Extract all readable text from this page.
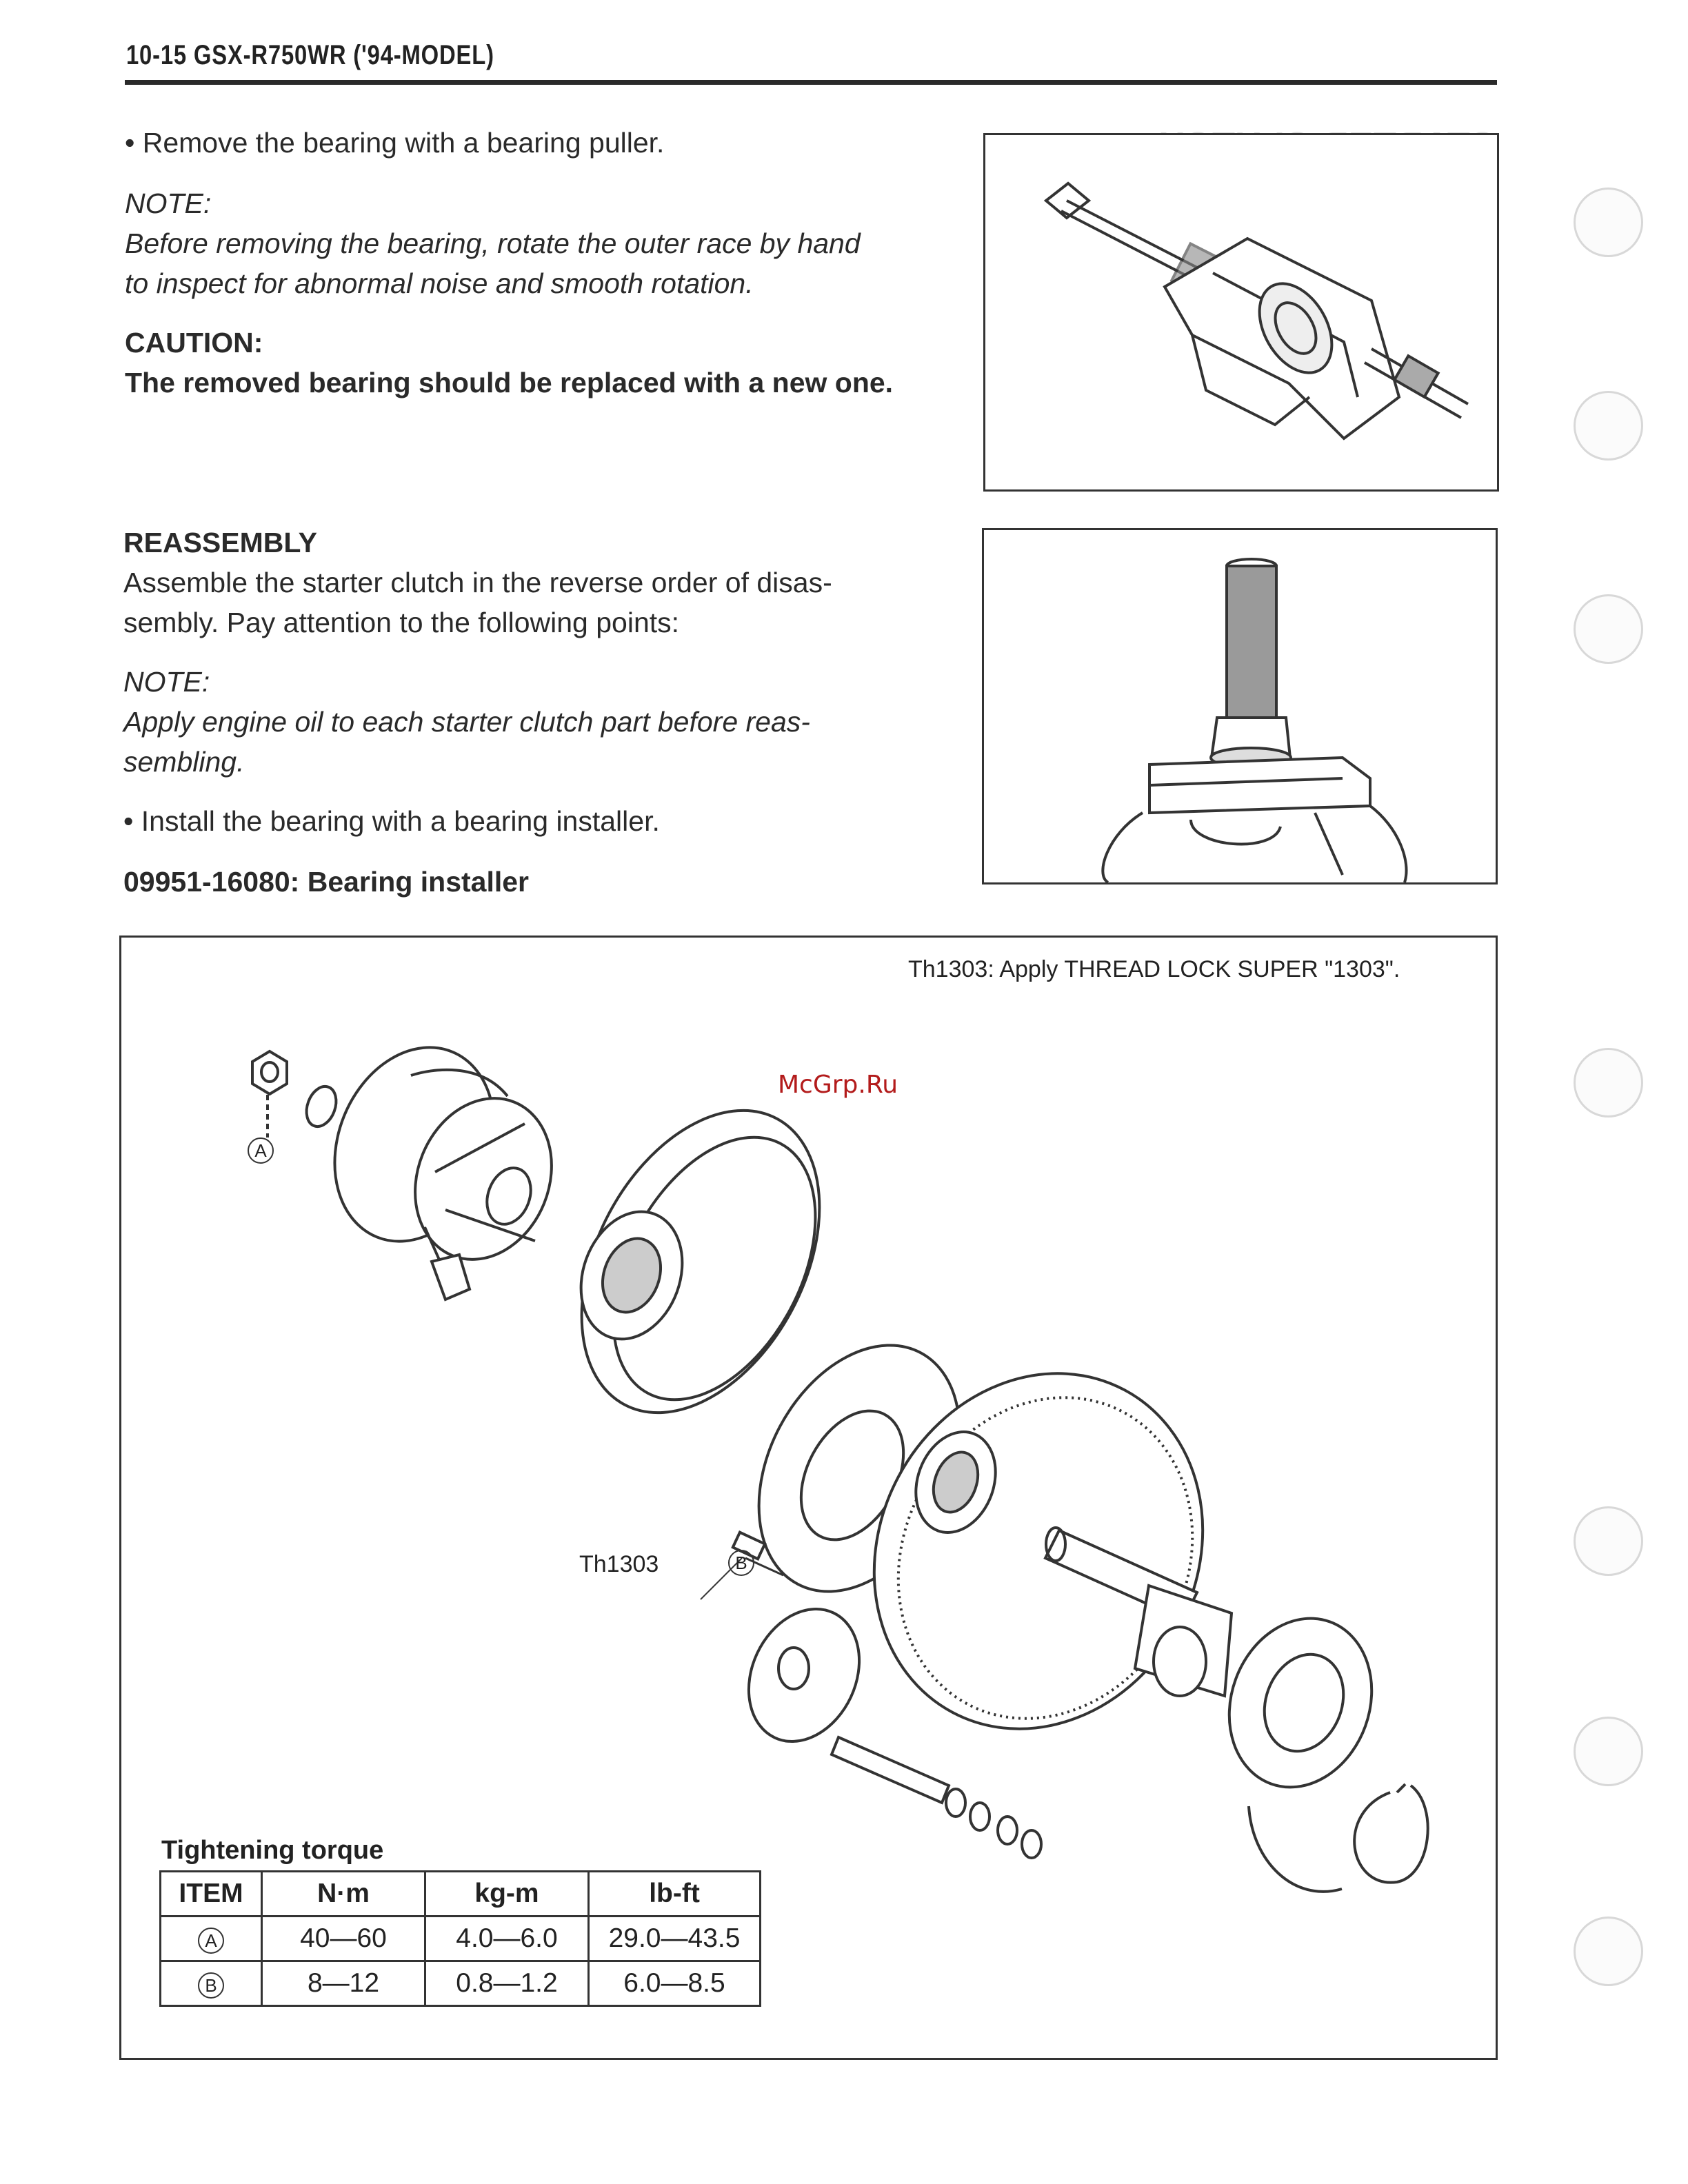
10-15 GSX-R750WR ('94-MODEL)
• Remove the bearing with a bearing puller.
NOTE:
Before removing the bearing, rotate the outer race by hand
to inspect for abnormal noise and smooth rotation.
CAUTION:
The removed bearing should be replaced with a new one.
REASSEMBLY
Assemble the starter clutch in the reverse order of disas-
sembly. Pay attention to the following points:
NOTE:
Apply engine oil to each starter clutch part before reas-
sembling.
• Install the bearing with a bearing installer.
09951-16080: Bearing installer
Th1303: Apply THREAD LOCK SUPER "1303".
A
Th1303	B
Tightening torque
ITEM	N·m	kg-m	lb-ft
A	40—60	4.0—6.0	29.0—43.5
B	8—12	0.8—1.2	6.0—8.5
McGrp.Ru
